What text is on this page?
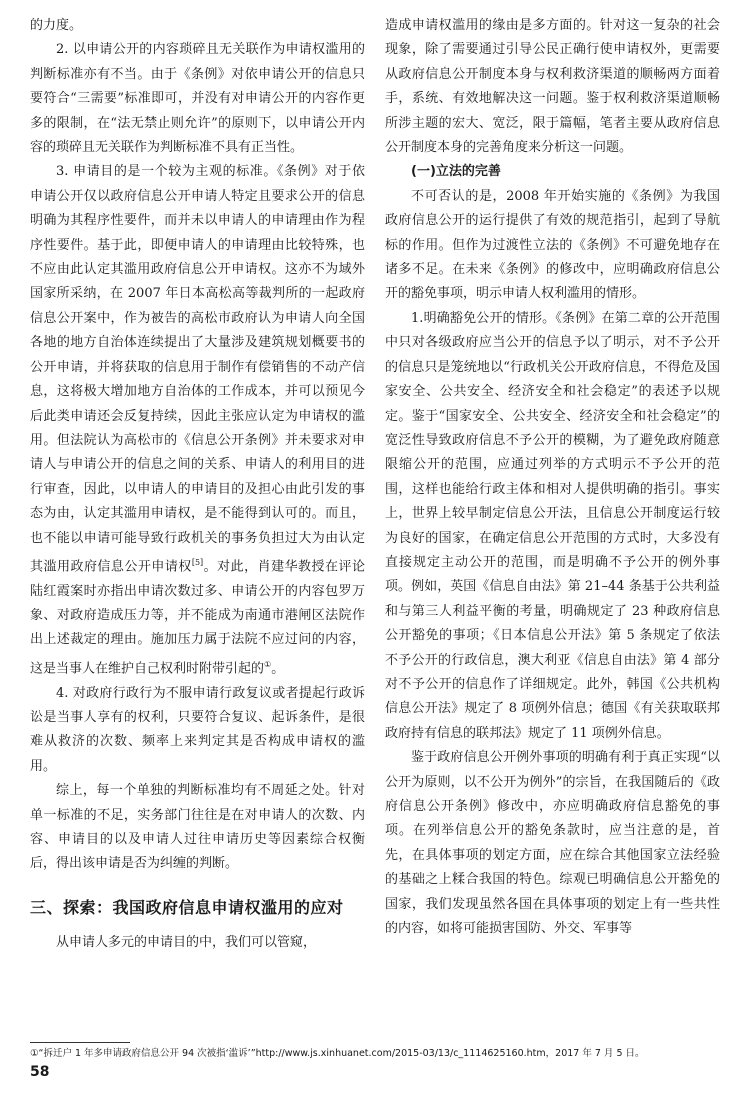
的力度。

2. 以申请公开的内容琐碎且无关联作为申请权滥用的判断标准亦有不当。由于《条例》对依申请公开的信息只要符合“三需要”标准即可，并没有对申请公开的内容作更多的限制，在“法无禁止则允许”的原则下，以申请公开内容的琐碎且无关联作为判断标准不具有正当性。

3. 申请目的是一个较为主观的标准。《条例》对于依申请公开仅以政府信息公开申请人特定且要求公开的信息明确为其程序性要件，而并未以申请人的申请理由作为程序性要件。基于此，即便申请人的申请理由比较特殊，也不应由此认定其滥用政府信息公开申请权。这亦不为域外国家所采纳，在 2007 年日本高松高等裁判所的一起政府信息公开案中，作为被告的高松市政府认为申请人向全国各地的地方自治体连续提出了大量涉及建筑规划概要书的公开申请，并将获取的信息用于制作有偿销售的不动产信息，这将极大增加地方自治体的工作成本，并可以预见今后此类申请还会反复持续，因此主张应认定为申请权的滥用。但法院认为高松市的《信息公开条例》并未要求对申请人与申请公开的信息之间的关系、申请人的利用目的进行审查，因此，以申请人的申请目的及担心由此引发的事态为由，认定其滥用申请权，是不能得到认可的。而且，也不能以申请可能导致行政机关的事务负担过大为由认定其滥用政府信息公开申请权[5]。对此，肖建华教授在评论陆红霞案时亦指出申请次数过多、申请公开的内容包罗万象、对政府造成压力等，并不能成为南通市港闸区法院作出上述裁定的理由。施加压力属于法院不应过问的内容，这是当事人在维护自己权利时附带引起的①。

4. 对政府行政行为不服申请行政复议或者提起行政诉讼是当事人享有的权利，只要符合复议、起诉条件，是很难从救济的次数、频率上来判定其是否构成申请权的滥用。

综上，每一个单独的判断标准均有不周延之处。针对单一标准的不足，实务部门往往是在对申请人的次数、内容、申请目的以及申请人过往申请历史等因素综合权衡后，得出该申请是否为纠缠的判断。

三、探索：我国政府信息申请权滥用的应对

从申请人多元的申请目的中，我们可以管窥，

造成申请权滥用的缘由是多方面的。针对这一复杂的社会现象，除了需要通过引导公民正确行使申请权外，更需要从政府信息公开制度本身与权利救济渠道的顺畅两方面着手，系统、有效地解决这一问题。鉴于权利救济渠道顺畅所涉主题的宏大、宽泛，限于篇幅，笔者主要从政府信息公开制度本身的完善角度来分析这一问题。

(一)立法的完善

不可否认的是，2008 年开始实施的《条例》为我国政府信息公开的运行提供了有效的规范指引，起到了导航标的作用。但作为过渡性立法的《条例》不可避免地存在诸多不足。在未来《条例》的修改中，应明确政府信息公开的豁免事项，明示申请人权利滥用的情形。

1.明确豁免公开的情形。《条例》在第二章的公开范围中只对各级政府应当公开的信息予以了明示，对不予公开的信息只是笼统地以“行政机关公开政府信息，不得危及国家安全、公共安全、经济安全和社会稳定”的表述予以规定。鉴于“国家安全、公共安全、经济安全和社会稳定”的宽泛性导致政府信息不予公开的模糊，为了避免政府随意限缩公开的范围，应通过列举的方式明示不予公开的范围，这样也能给行政主体和相对人提供明确的指引。事实上，世界上较早制定信息公开法，且信息公开制度运行较为良好的国家，在确定信息公开范围的方式时，大多没有直接规定主动公开的范围，而是明确不予公开的例外事项。例如，英国《信息自由法》第 21–44 条基于公共利益和与第三人利益平衡的考量，明确规定了 23 种政府信息公开豁免的事项；《日本信息公开法》第 5 条规定了依法不予公开的行政信息，澳大利亚《信息自由法》第 4 部分对不予公开的信息作了详细规定。此外，韩国《公共机构信息公开法》规定了 8 项例外信息；德国《有关获取联邦政府持有信息的联邦法》规定了 11 项例外信息。

鉴于政府信息公开例外事项的明确有利于真正实现“以公开为原则，以不公开为例外”的宗旨，在我国随后的《政府信息公开条例》修改中，亦应明确政府信息豁免的事项。在列举信息公开的豁免条款时，应当注意的是，首先，在具体事项的划定方面，应在综合其他国家立法经验的基础之上糅合我国的特色。综观已明确信息公开豁免的国家，我们发现虽然各国在具体事项的划定上有一些共性的内容，如将可能损害国防、外交、军事等

①“拆迁户 1 年多申请政府信息公开 94 次被指‘滥诉’”http://www.js.xinhuanet.com/2015-03/13/c_1114625160.htm，2017 年 7 月 5 日。
58
